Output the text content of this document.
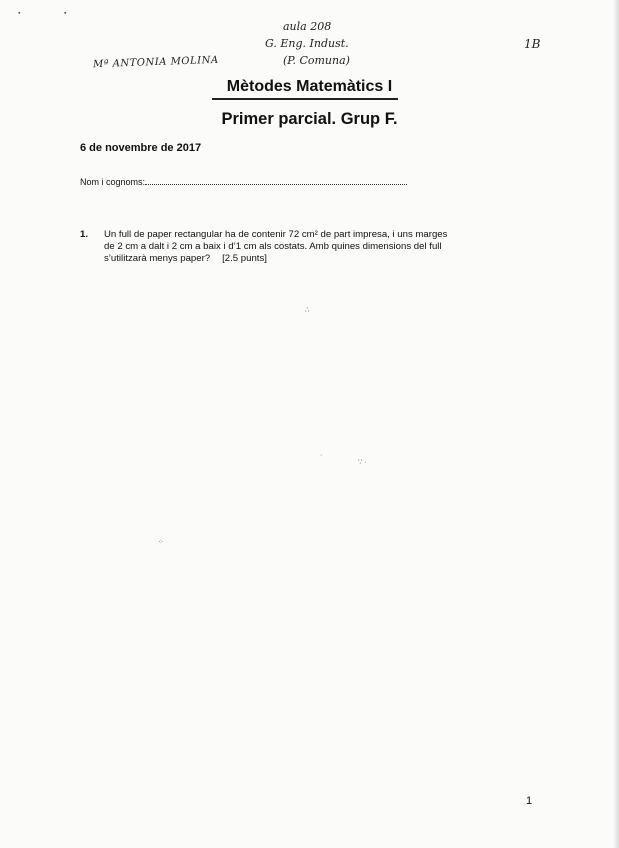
Mª ANTONIA MOLINA
aula 208
G. Eng. Indust.
(P. Comuna)
1B
Mètodes Matemàtics I
Primer parcial. Grup F.
6 de novembre de 2017
Nom i cognoms:
1. Un full de paper rectangular ha de contenir 72 cm² de part impresa, i uns marges
de 2 cm a dalt i 2 cm a baix i d’1 cm als costats. Amb quines dimensions del full
s’utilitzarà menys paper? [2.5 punts]
1
∴
·
∵ ·
⁘
▪
▪
